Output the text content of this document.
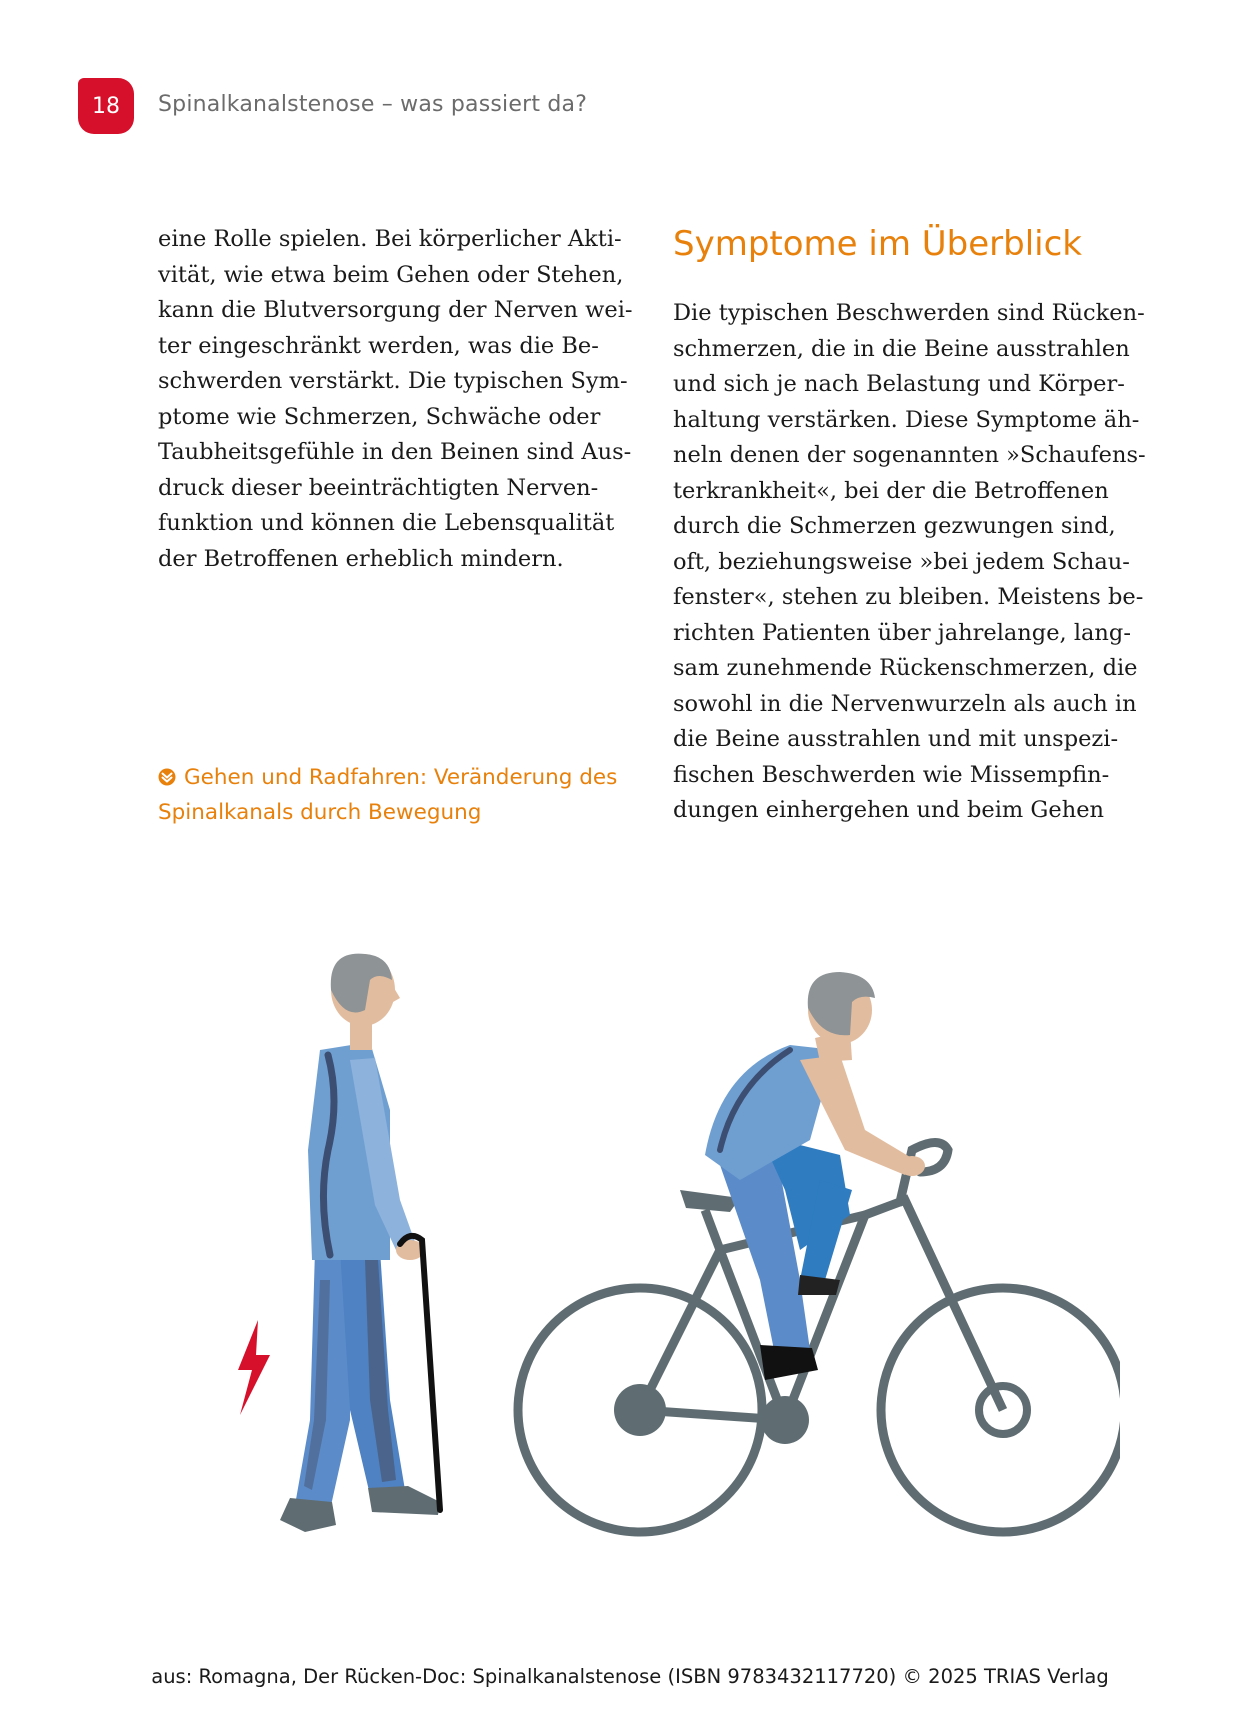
18	Spinalkanalstenose – was passiert da?
eine Rolle spielen. Bei körperlicher Akti-
vität, wie etwa beim Gehen oder Stehen,
kann die Blutversorgung der Nerven wei-
ter eingeschränkt werden, was die Be-
schwerden verstärkt. Die typischen Sym-
ptome wie Schmerzen, Schwäche oder
Taubheitsgefühle in den Beinen sind Aus-
druck dieser beeinträchtigten Nerven-
funktion und können die Lebensqualität
der Betroffenen erheblich mindern.
Symptome im Überblick
Die typischen Beschwerden sind Rücken-
schmerzen, die in die Beine ausstrahlen
und sich je nach Belastung und Körper-
haltung verstärken. Diese Symptome äh-
neln denen der sogenannten »Schaufens-
terkrankheit«, bei der die Betroffenen
durch die Schmerzen gezwungen sind,
oft, beziehungsweise »bei jedem Schau-
fenster«, stehen zu bleiben. Meistens be-
richten Patienten über jahrelange, lang-
sam zunehmende Rückenschmerzen, die
sowohl in die Nervenwurzeln als auch in
die Beine ausstrahlen und mit unspezi-
fischen Beschwerden wie Missempfin-
dungen einhergehen und beim Gehen
Gehen und Radfahren: Veränderung des
Spinalkanals durch Bewegung
aus: Romagna, Der Rücken-Doc: Spinalkanalstenose (ISBN 9783432117720) © 2025 TRIAS Verlag
